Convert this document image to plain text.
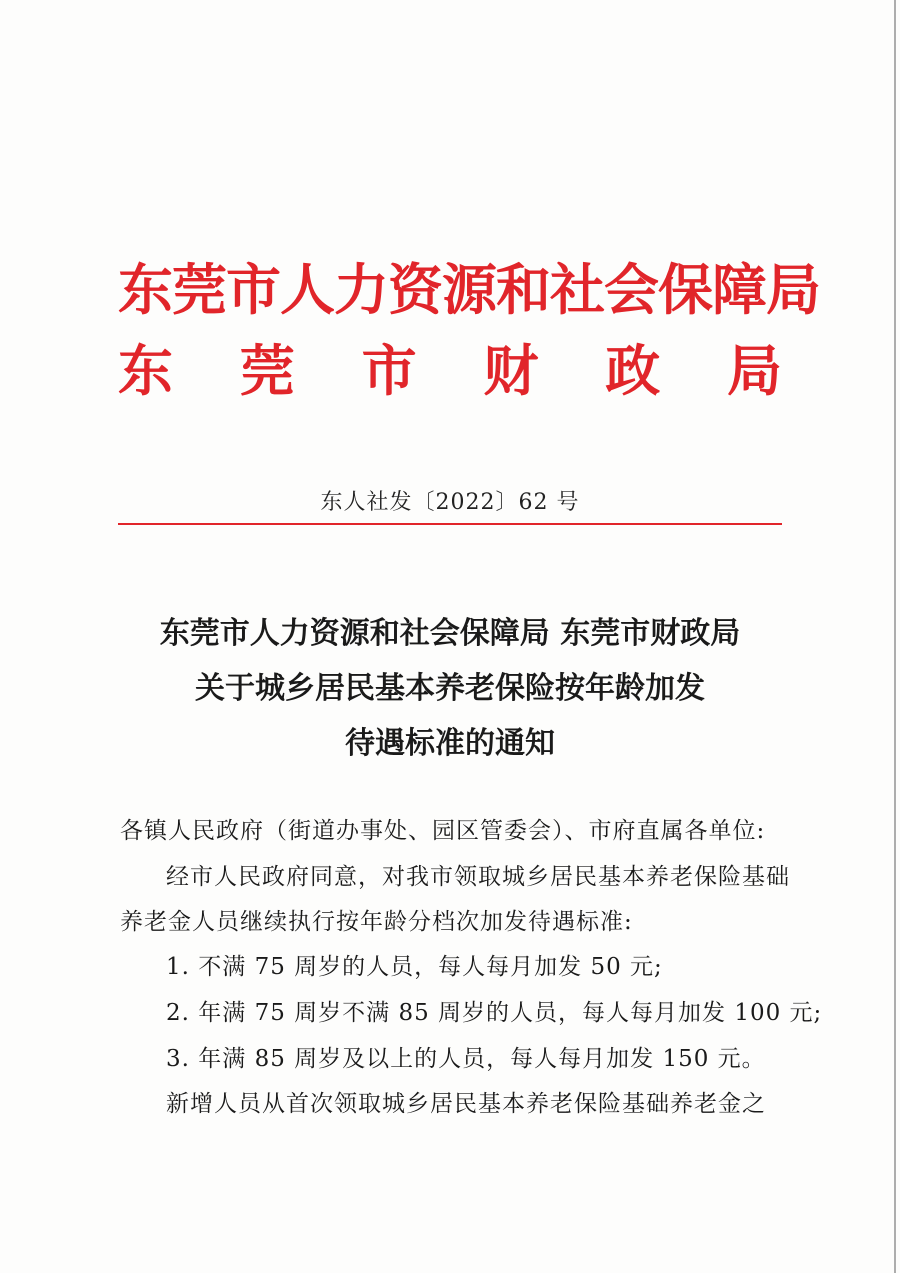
东莞市人力资源和社会保障局
东 莞 市 财 政 局
东人社发〔2022〕62 号
东莞市人力资源和社会保障局 东莞市财政局
关于城乡居民基本养老保险按年龄加发
待遇标准的通知
各镇人民政府（街道办事处、园区管委会）、市府直属各单位:
经市人民政府同意，对我市领取城乡居民基本养老保险基础
养老金人员继续执行按年龄分档次加发待遇标准:
1. 不满 75 周岁的人员，每人每月加发 50 元;
2. 年满 75 周岁不满 85 周岁的人员，每人每月加发 100 元;
3. 年满 85 周岁及以上的人员，每人每月加发 150 元。
新增人员从首次领取城乡居民基本养老保险基础养老金之
